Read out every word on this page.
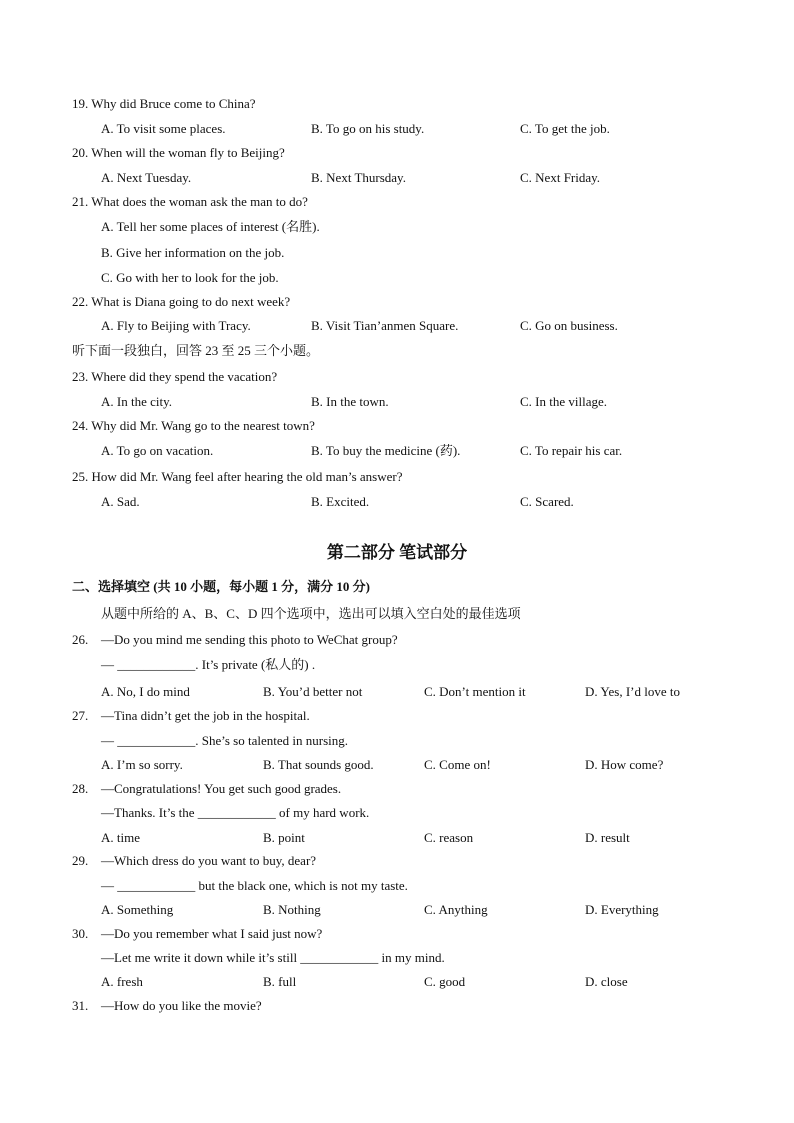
19. Why did Bruce come to China?
A. To visit some places.	B. To go on his study.	C. To get the job.
20. When will the woman fly to Beijing?
A. Next Tuesday.	B. Next Thursday.	C. Next Friday.
21. What does the woman ask the man to do?
A. Tell her some places of interest (名胜).
B. Give her information on the job.
C. Go with her to look for the job.
22. What is Diana going to do next week?
A. Fly to Beijing with Tracy.	B. Visit Tian’anmen Square.	C. Go on business.
听下面一段独白，回答 23 至 25 三个小题。
23. Where did they spend the vacation?
A. In the city.	B. In the town.	C. In the village.
24. Why did Mr. Wang go to the nearest town?
A. To go on vacation.	B. To buy the medicine (药).	C. To repair his car.
25. How did Mr. Wang feel after hearing the old man’s answer?
A. Sad.	B. Excited.	C. Scared.
第二部分 笔试部分
二、选择填空 (共 10 小题，每小题 1 分，满分 10 分)
从题中所给的 A、B、C、D 四个选项中，选出可以填入空白处的最佳选项
26. —Do you mind me sending this photo to WeChat group?
— ____________. It’s private (私人的) .
A. No, I do mind	B. You’d better not	C. Don’t mention it	D. Yes, I’d love to
27. —Tina didn’t get the job in the hospital.
— ____________. She’s so talented in nursing.
A. I’m so sorry.	B. That sounds good.	C. Come on!	D. How come?
28. —Congratulations! You get such good grades.
—Thanks. It’s the ____________ of my hard work.
A. time	B. point	C. reason	D. result
29. —Which dress do you want to buy, dear?
— ____________ but the black one, which is not my taste.
A. Something	B. Nothing	C. Anything	D. Everything
30. —Do you remember what I said just now?
—Let me write it down while it’s still ____________ in my mind.
A. fresh	B. full	C. good	D. close
31. —How do you like the movie?
